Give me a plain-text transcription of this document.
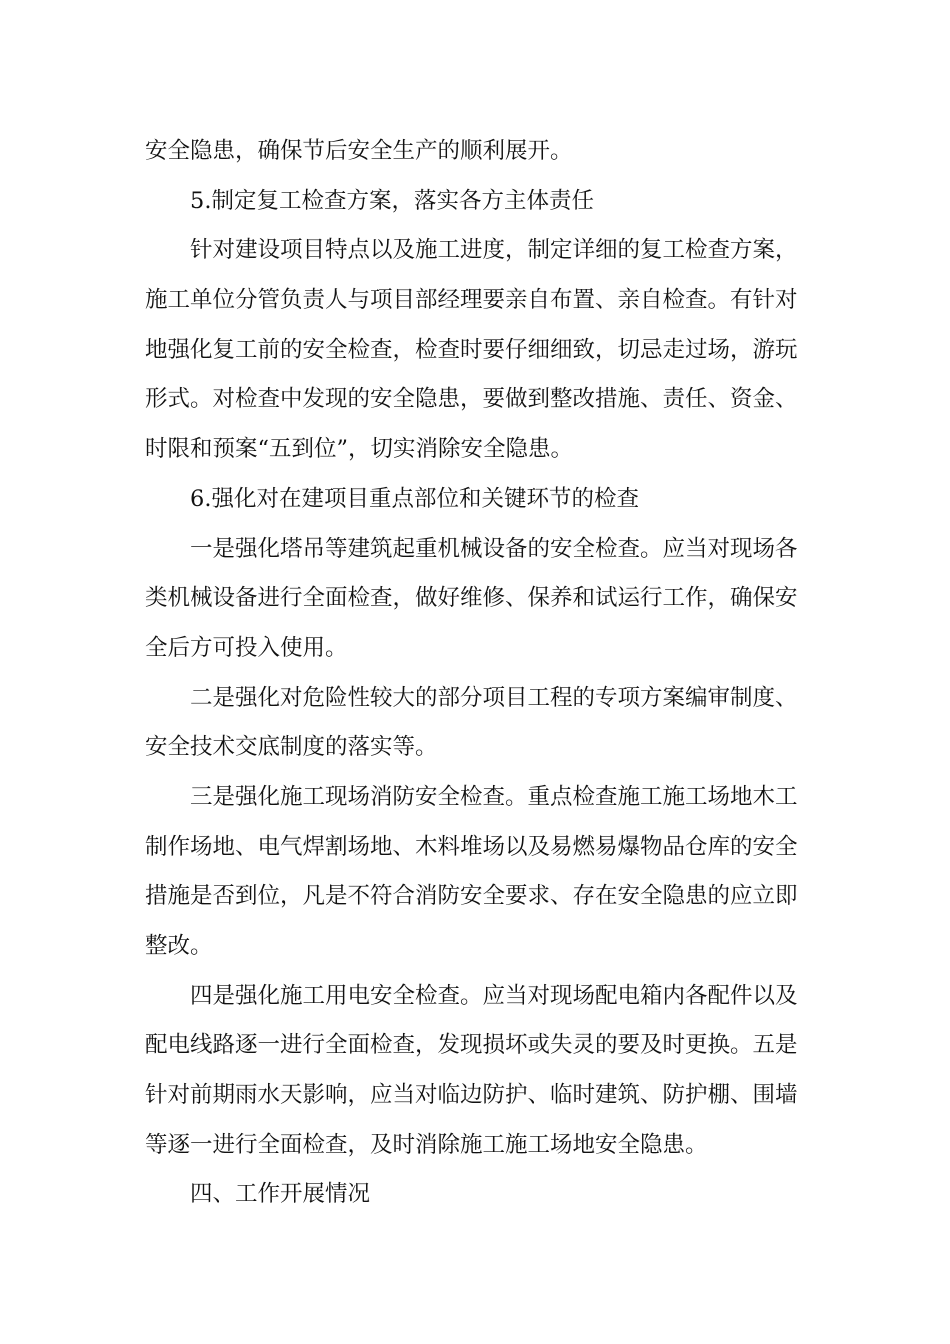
安全隐患，确保节后安全生产的顺利展开。
5.制定复工检查方案，落实各方主体责任
针对建设项目特点以及施工进度，制定详细的复工检查方案，
施工单位分管负责人与项目部经理要亲自布置、亲自检查。有针对
地强化复工前的安全检查，检查时要仔细细致，切忌走过场，游玩
形式。对检查中发现的安全隐患，要做到整改措施、责任、资金、
时限和预案“五到位”，切实消除安全隐患。
6.强化对在建项目重点部位和关键环节的检查
一是强化塔吊等建筑起重机械设备的安全检查。应当对现场各
类机械设备进行全面检查，做好维修、保养和试运行工作，确保安
全后方可投入使用。
二是强化对危险性较大的部分项目工程的专项方案编审制度、
安全技术交底制度的落实等。
三是强化施工现场消防安全检查。重点检查施工施工场地木工
制作场地、电气焊割场地、木料堆场以及易燃易爆物品仓库的安全
措施是否到位，凡是不符合消防安全要求、存在安全隐患的应立即
整改。
四是强化施工用电安全检查。应当对现场配电箱内各配件以及
配电线路逐一进行全面检查，发现损坏或失灵的要及时更换。五是
针对前期雨水天影响，应当对临边防护、临时建筑、防护棚、围墙
等逐一进行全面检查，及时消除施工施工场地安全隐患。
四、工作开展情况
